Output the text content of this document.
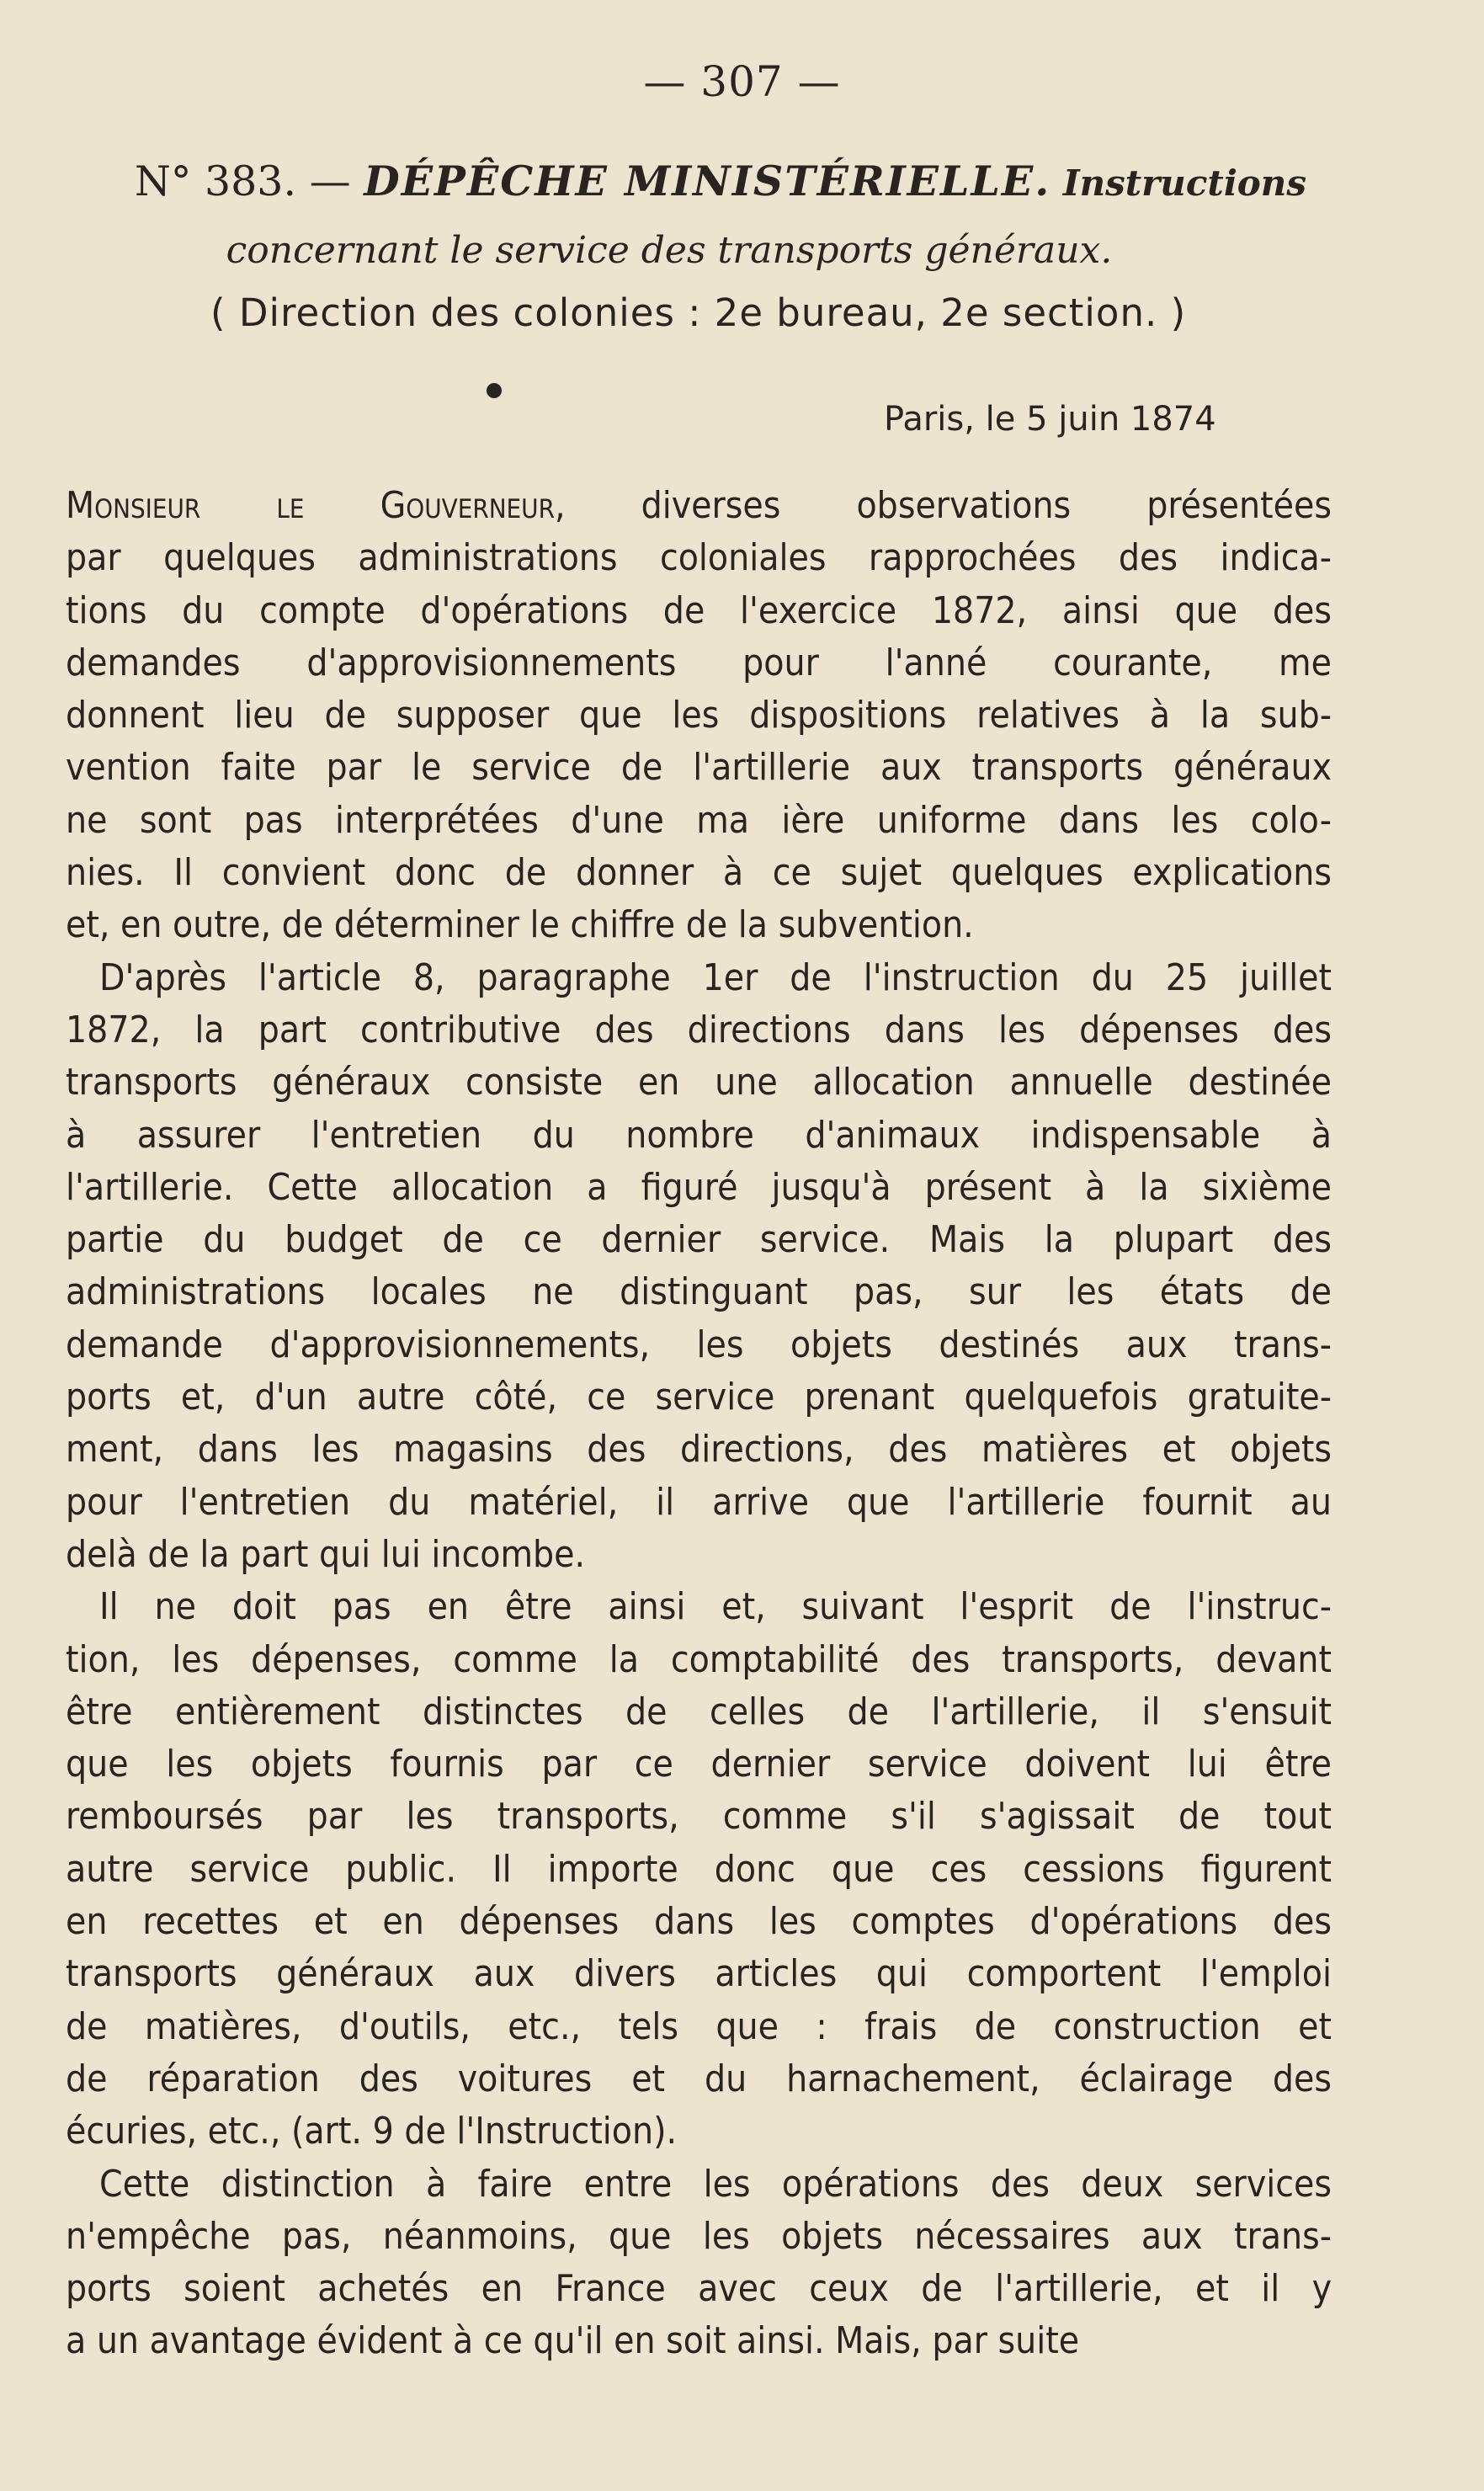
— 307 —
N° 383. — DÉPÊCHE MINISTÉRIELLE. Instructions
concernant le service des transports généraux.
( Direction des colonies : 2e bureau, 2e section. )
Paris, le 5 juin 1874
Monsieur le Gouverneur, diverses observations présentées
par quelques administrations coloniales rapprochées des indica-
tions du compte d'opérations de l'exercice 1872, ainsi que des
demandes d'approvisionnements pour l'anné courante, me
donnent lieu de supposer que les dispositions relatives à la sub-
vention faite par le service de l'artillerie aux transports généraux
ne sont pas interprétées d'une ma ière uniforme dans les colo-
nies. Il convient donc de donner à ce sujet quelques explications
et, en outre, de déterminer le chiffre de la subvention.
D'après l'article 8, paragraphe 1er de l'instruction du 25 juillet
1872, la part contributive des directions dans les dépenses des
transports généraux consiste en une allocation annuelle destinée
à assurer l'entretien du nombre d'animaux indispensable à
l'artillerie. Cette allocation a figuré jusqu'à présent à la sixième
partie du budget de ce dernier service. Mais la plupart des
administrations locales ne distinguant pas, sur les états de
demande d'approvisionnements, les objets destinés aux trans-
ports et, d'un autre côté, ce service prenant quelquefois gratuite-
ment, dans les magasins des directions, des matières et objets
pour l'entretien du matériel, il arrive que l'artillerie fournit au
delà de la part qui lui incombe.
Il ne doit pas en être ainsi et, suivant l'esprit de l'instruc-
tion, les dépenses, comme la comptabilité des transports, devant
être entièrement distinctes de celles de l'artillerie, il s'ensuit
que les objets fournis par ce dernier service doivent lui être
remboursés par les transports, comme s'il s'agissait de tout
autre service public. Il importe donc que ces cessions figurent
en recettes et en dépenses dans les comptes d'opérations des
transports généraux aux divers articles qui comportent l'emploi
de matières, d'outils, etc., tels que : frais de construction et
de réparation des voitures et du harnachement, éclairage des
écuries, etc., (art. 9 de l'Instruction).
Cette distinction à faire entre les opérations des deux services
n'empêche pas, néanmoins, que les objets nécessaires aux trans-
ports soient achetés en France avec ceux de l'artillerie, et il y
a un avantage évident à ce qu'il en soit ainsi. Mais, par suite
